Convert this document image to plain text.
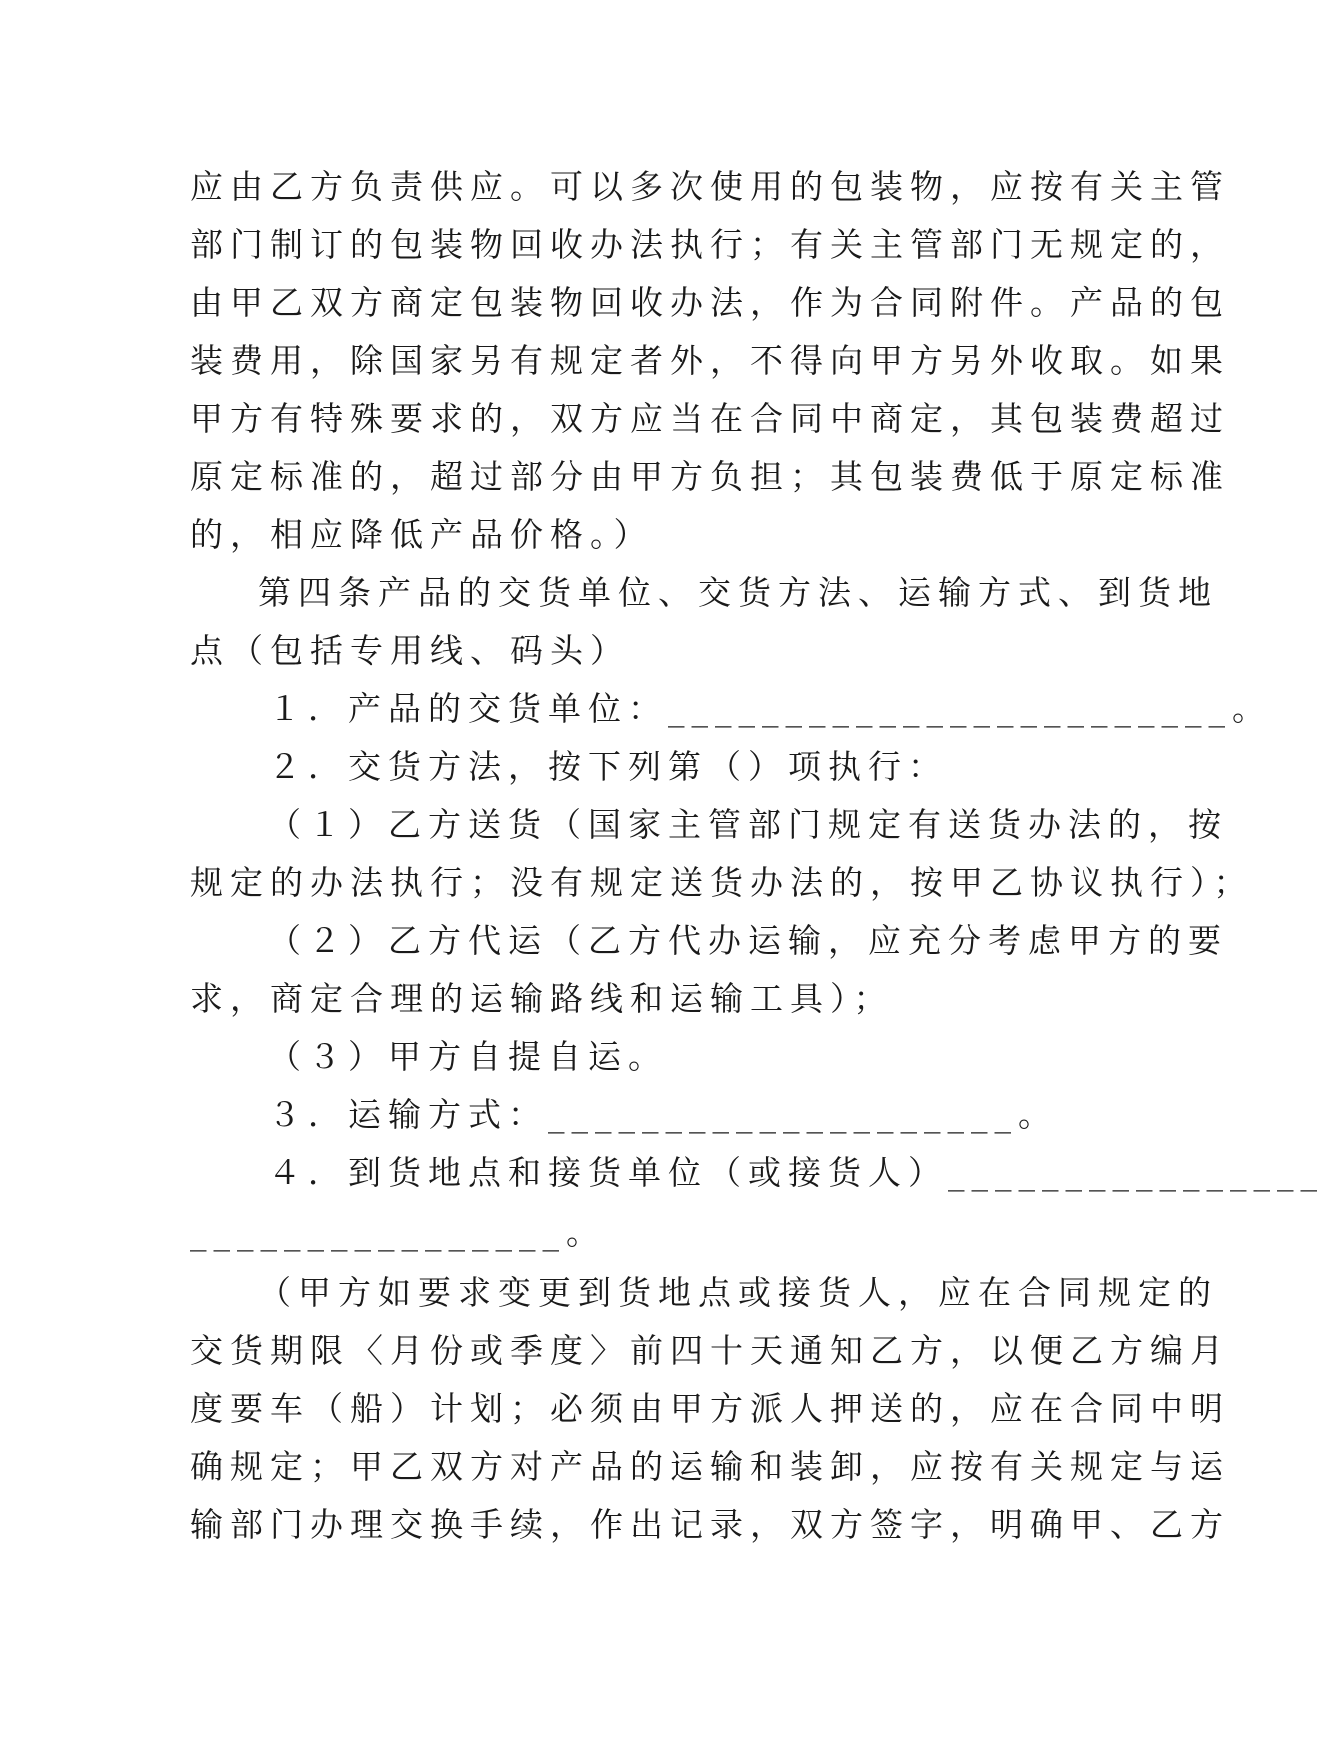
应由乙方负责供应。可以多次使用的包装物，应按有关主管
部门制订的包装物回收办法执行；有关主管部门无规定的，
由甲乙双方商定包装物回收办法，作为合同附件。产品的包
装费用，除国家另有规定者外，不得向甲方另外收取。如果
甲方有特殊要求的，双方应当在合同中商定，其包装费超过
原定标准的，超过部分由甲方负担；其包装费低于原定标准
的，相应降低产品价格。）
第四条产品的交货单位、交货方法、运输方式、到货地
点（包括专用线、码头）
１．产品的交货单位：________________________。
２．交货方法，按下列第（）项执行：
（１）乙方送货（国家主管部门规定有送货办法的，按
规定的办法执行；没有规定送货办法的，按甲乙协议执行）；
（２）乙方代运（乙方代办运输，应充分考虑甲方的要
求，商定合理的运输路线和运输工具）；
（３）甲方自提自运。
３．运输方式：____________________。
４．到货地点和接货单位（或接货人）________________
________________。
（甲方如要求变更到货地点或接货人，应在合同规定的
交货期限〈月份或季度〉前四十天通知乙方，以便乙方编月
度要车（船）计划；必须由甲方派人押送的，应在合同中明
确规定；甲乙双方对产品的运输和装卸，应按有关规定与运
输部门办理交换手续，作出记录，双方签字，明确甲、乙方
